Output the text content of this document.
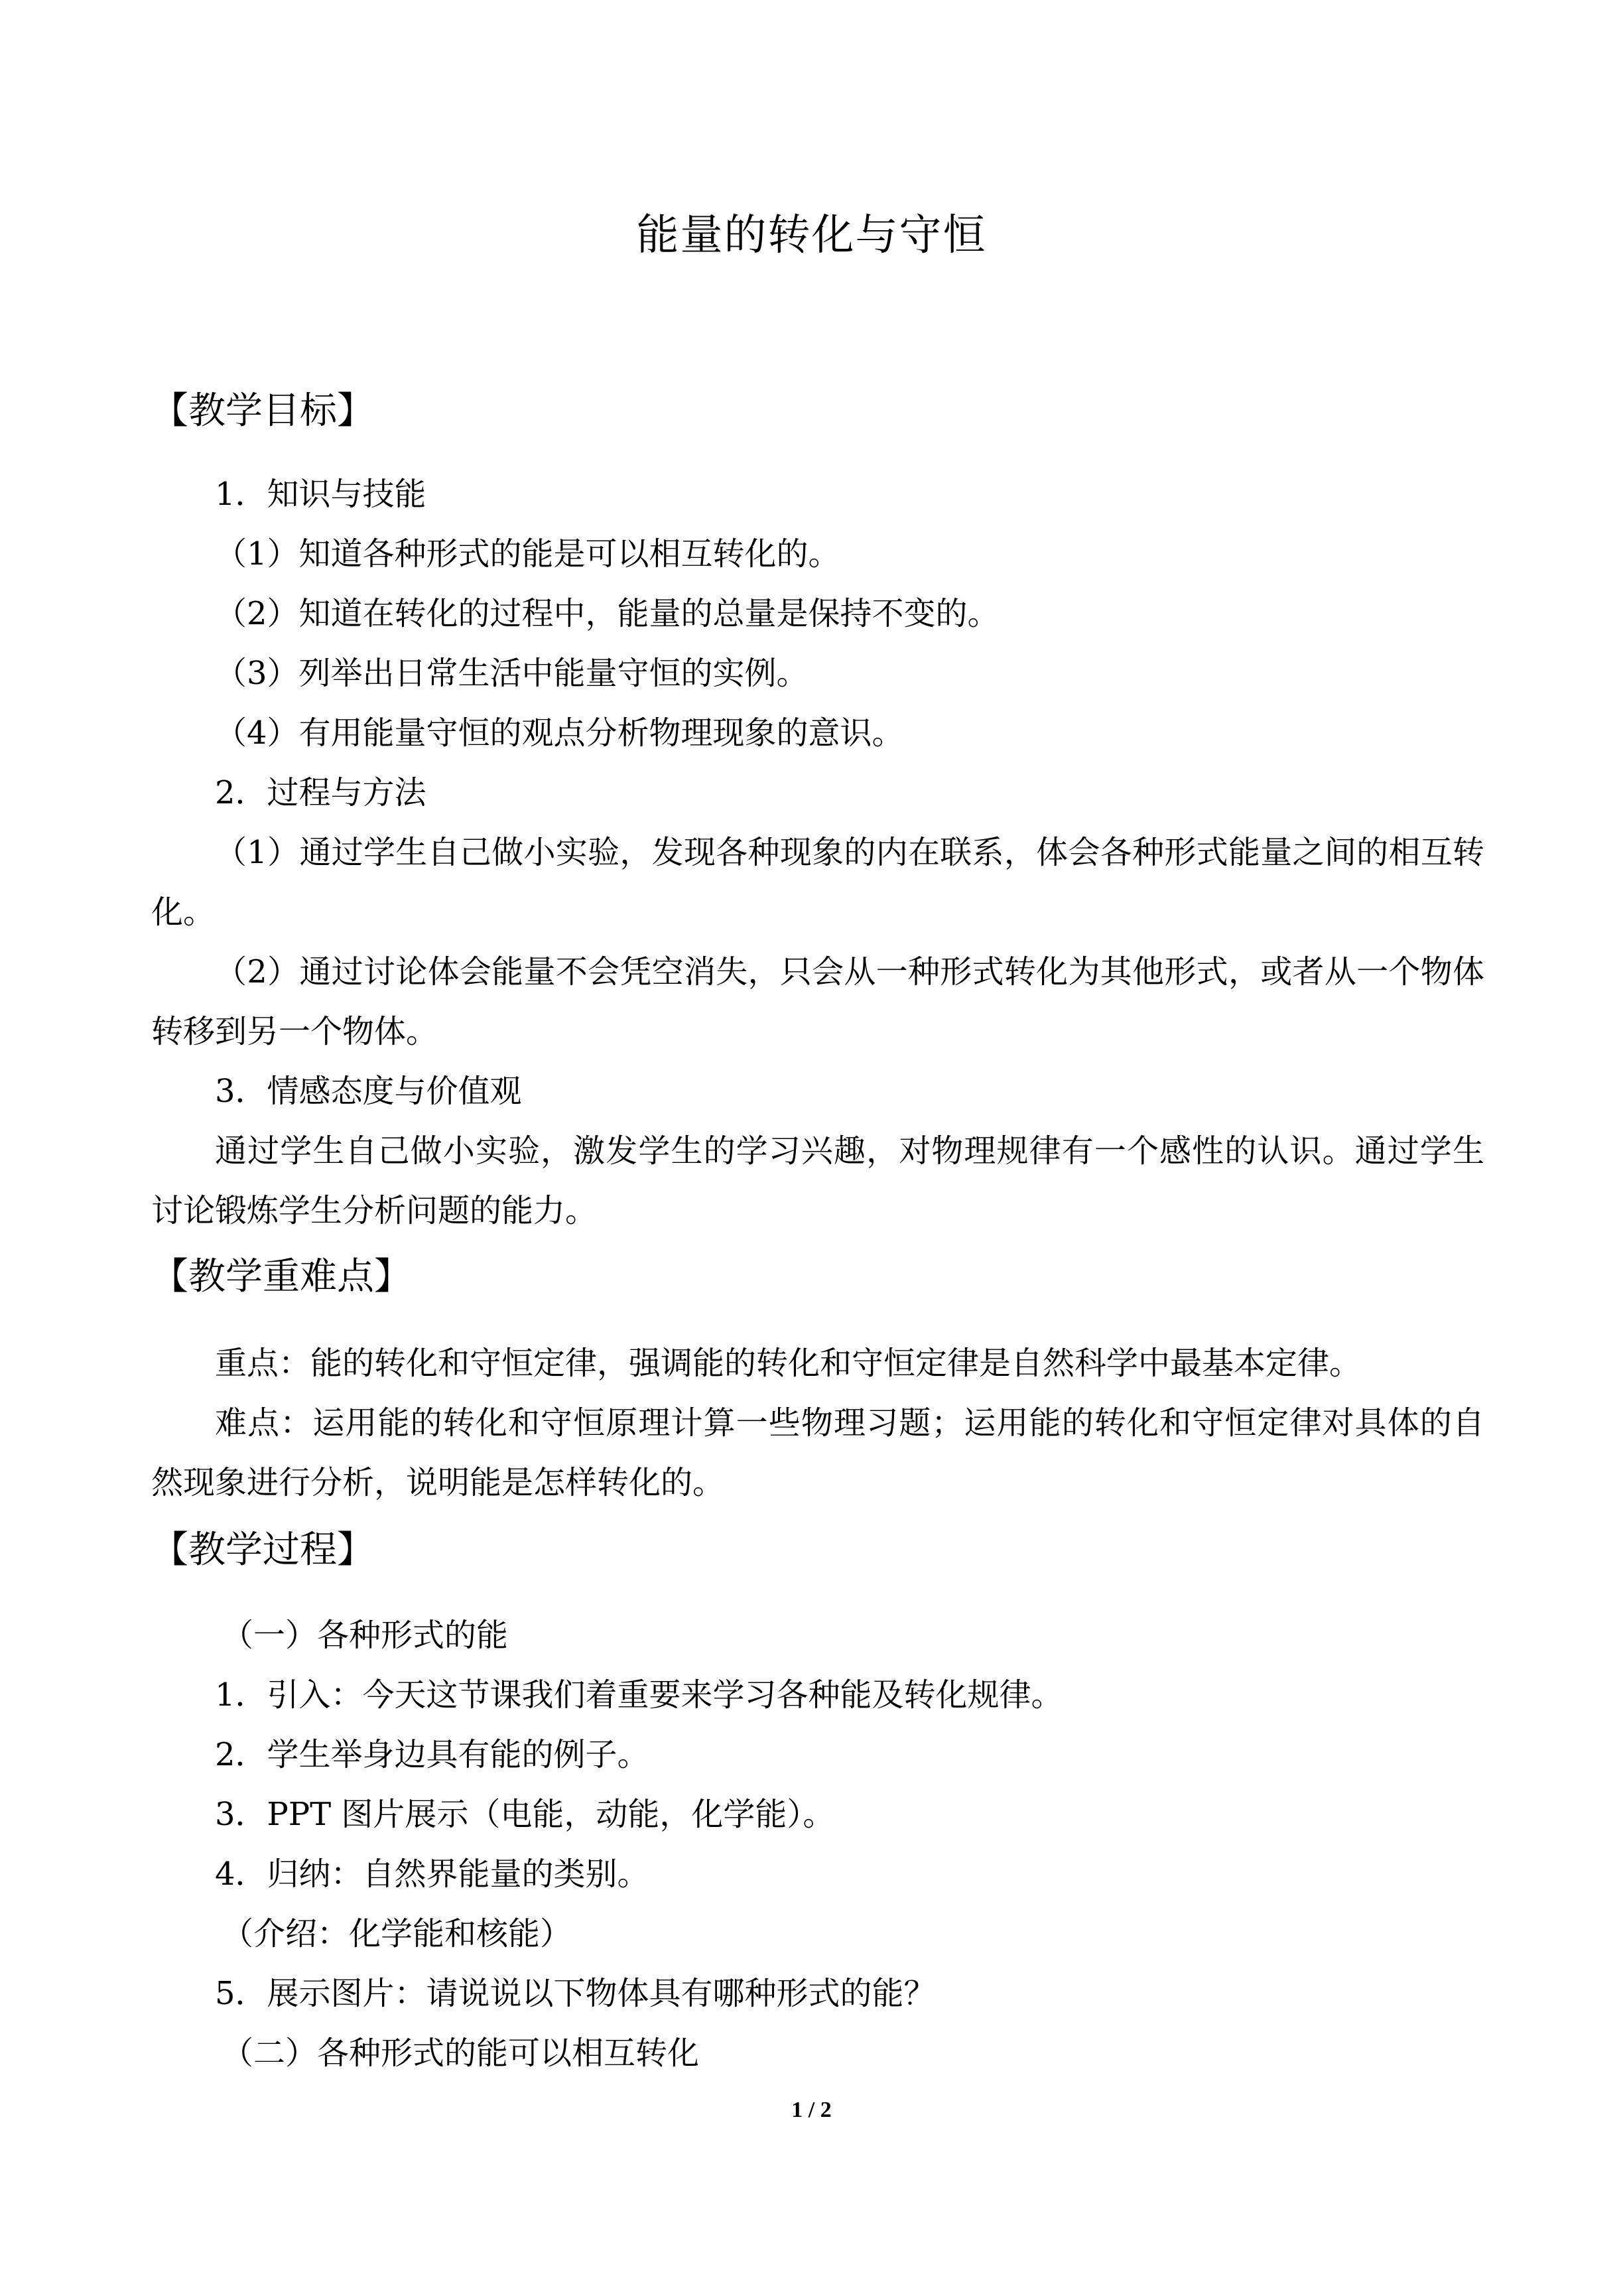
能量的转化与守恒
【教学目标】
1．知识与技能
（1）知道各种形式的能是可以相互转化的。
（2）知道在转化的过程中，能量的总量是保持不变的。
（3）列举出日常生活中能量守恒的实例。
（4）有用能量守恒的观点分析物理现象的意识。
2．过程与方法
（1）通过学生自己做小实验，发现各种现象的内在联系，体会各种形式能量之间的相互转化。
（2）通过讨论体会能量不会凭空消失，只会从一种形式转化为其他形式，或者从一个物体转移到另一个物体。
3．情感态度与价值观
通过学生自己做小实验，激发学生的学习兴趣，对物理规律有一个感性的认识。通过学生讨论锻炼学生分析问题的能力。
【教学重难点】
重点：能的转化和守恒定律，强调能的转化和守恒定律是自然科学中最基本定律。
难点：运用能的转化和守恒原理计算一些物理习题；运用能的转化和守恒定律对具体的自然现象进行分析，说明能是怎样转化的。
【教学过程】
（一）各种形式的能
1．引入：今天这节课我们着重要来学习各种能及转化规律。
2．学生举身边具有能的例子。
3．PPT 图片展示（电能，动能，化学能）。
4．归纳：自然界能量的类别。
（介绍：化学能和核能）
5．展示图片：请说说以下物体具有哪种形式的能？
（二）各种形式的能可以相互转化
1 / 2
